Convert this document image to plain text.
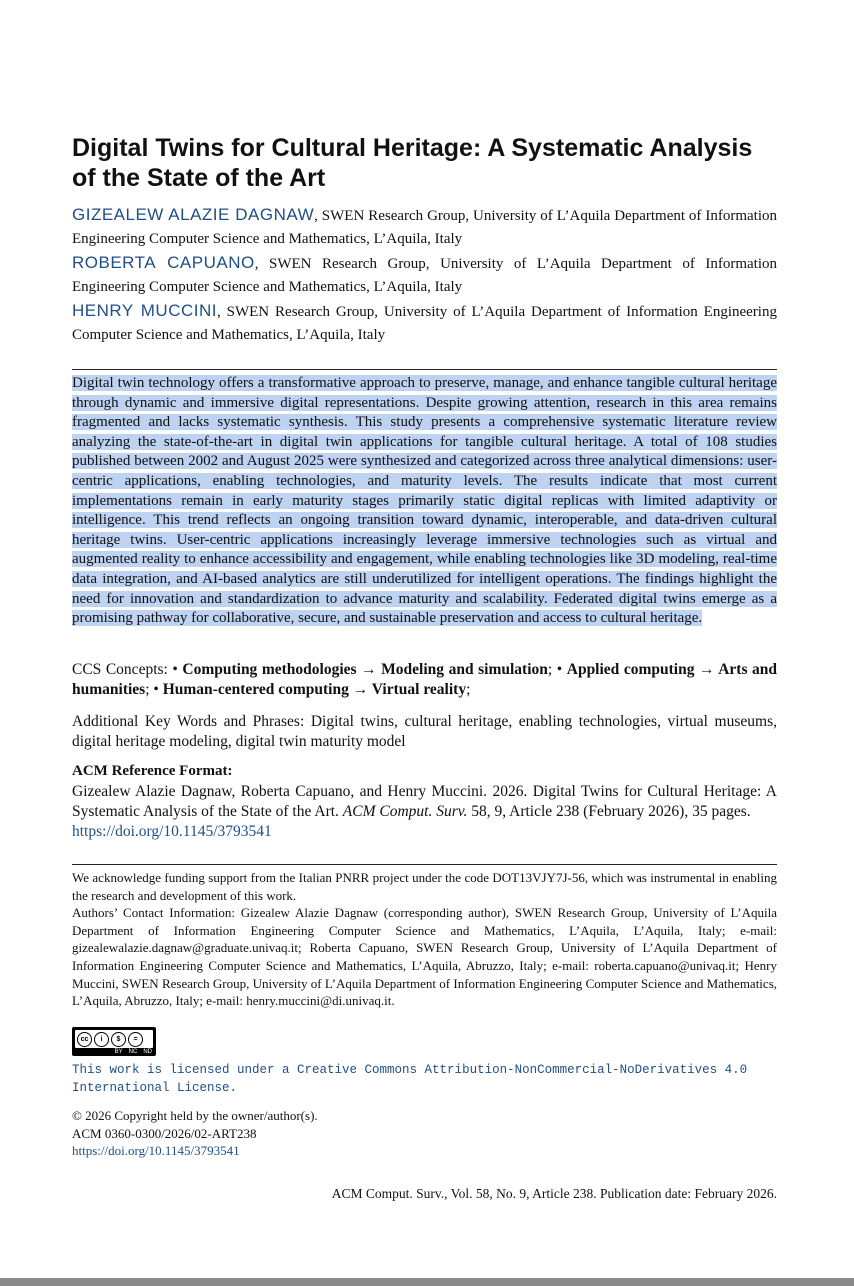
Digital Twins for Cultural Heritage: A Systematic Analysis of the State of the Art

GIZEALEW ALAZIE DAGNAW, SWEN Research Group, University of L’Aquila Department of Information Engineering Computer Science and Mathematics, L’Aquila, Italy

ROBERTA CAPUANO, SWEN Research Group, University of L’Aquila Department of Information Engineering Computer Science and Mathematics, L’Aquila, Italy

HENRY MUCCINI, SWEN Research Group, University of L’Aquila Department of Information Engineering Computer Science and Mathematics, L’Aquila, Italy

Digital twin technology offers a transformative approach to preserve, manage, and enhance tangible cultural heritage through dynamic and immersive digital representations. Despite growing attention, research in this area remains fragmented and lacks systematic synthesis. This study presents a comprehensive systematic literature review analyzing the state-of-the-art in digital twin applications for tangible cultural heritage. A total of 108 studies published between 2002 and August 2025 were synthesized and categorized across three analytical dimensions: user-centric applications, enabling technologies, and maturity levels. The results indicate that most current implementations remain in early maturity stages primarily static digital replicas with limited adaptivity or intelligence. This trend reflects an ongoing transition toward dynamic, interoperable, and data-driven cultural heritage twins. User-centric applications increasingly leverage immersive technologies such as virtual and augmented reality to enhance accessibility and engagement, while enabling technologies like 3D modeling, real-time data integration, and AI-based analytics are still underutilized for intelligent operations. The findings highlight the need for innovation and standardization to advance maturity and scalability. Federated digital twins emerge as a promising pathway for collaborative, secure, and sustainable preservation and access to cultural heritage.

CCS Concepts: • Computing methodologies → Modeling and simulation; • Applied computing → Arts and humanities; • Human-centered computing → Virtual reality;

Additional Key Words and Phrases: Digital twins, cultural heritage, enabling technologies, virtual museums, digital heritage modeling, digital twin maturity model

ACM Reference Format:

Gizealew Alazie Dagnaw, Roberta Capuano, and Henry Muccini. 2026. Digital Twins for Cultural Heritage: A Systematic Analysis of the State of the Art. ACM Comput. Surv. 58, 9, Article 238 (February 2026), 35 pages.
https://doi.org/10.1145/3793541

We acknowledge funding support from the Italian PNRR project under the code DOT13VJY7J-56, which was instrumental in enabling the research and development of this work.

Authors’ Contact Information: Gizealew Alazie Dagnaw (corresponding author), SWEN Research Group, University of L’Aquila Department of Information Engineering Computer Science and Mathematics, L’Aquila, L’Aquila, Italy; e-mail: gizealewalazie.dagnaw@graduate.univaq.it; Roberta Capuano, SWEN Research Group, University of L’Aquila Department of Information Engineering Computer Science and Mathematics, L’Aquila, Abruzzo, Italy; e-mail: roberta.capuano@univaq.it; Henry Muccini, SWEN Research Group, University of L’Aquila Department of Information Engineering Computer Science and Mathematics, L’Aquila, Abruzzo, Italy; e-mail: henry.muccini@di.univaq.it.

cc	i	$	=
BY NC ND

This work is licensed under a Creative Commons Attribution-NonCommercial-NoDerivatives 4.0 International License.

© 2026 Copyright held by the owner/author(s).

ACM 0360-0300/2026/02-ART238

https://doi.org/10.1145/3793541

ACM Comput. Surv., Vol. 58, No. 9, Article 238. Publication date: February 2026.
